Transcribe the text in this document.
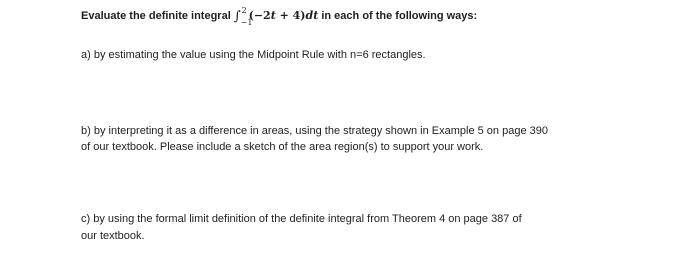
Evaluate the definite integral ∫ 2
−1
(−2t + 4)dt in each of the following ways:
a) by estimating the value using the Midpoint Rule with n=6 rectangles.
b) by interpreting it as a difference in areas, using the strategy shown in Example 5 on page 390
of our textbook. Please include a sketch of the area region(s) to support your work.
c) by using the formal limit definition of the definite integral from Theorem 4 on page 387 of
our textbook.
